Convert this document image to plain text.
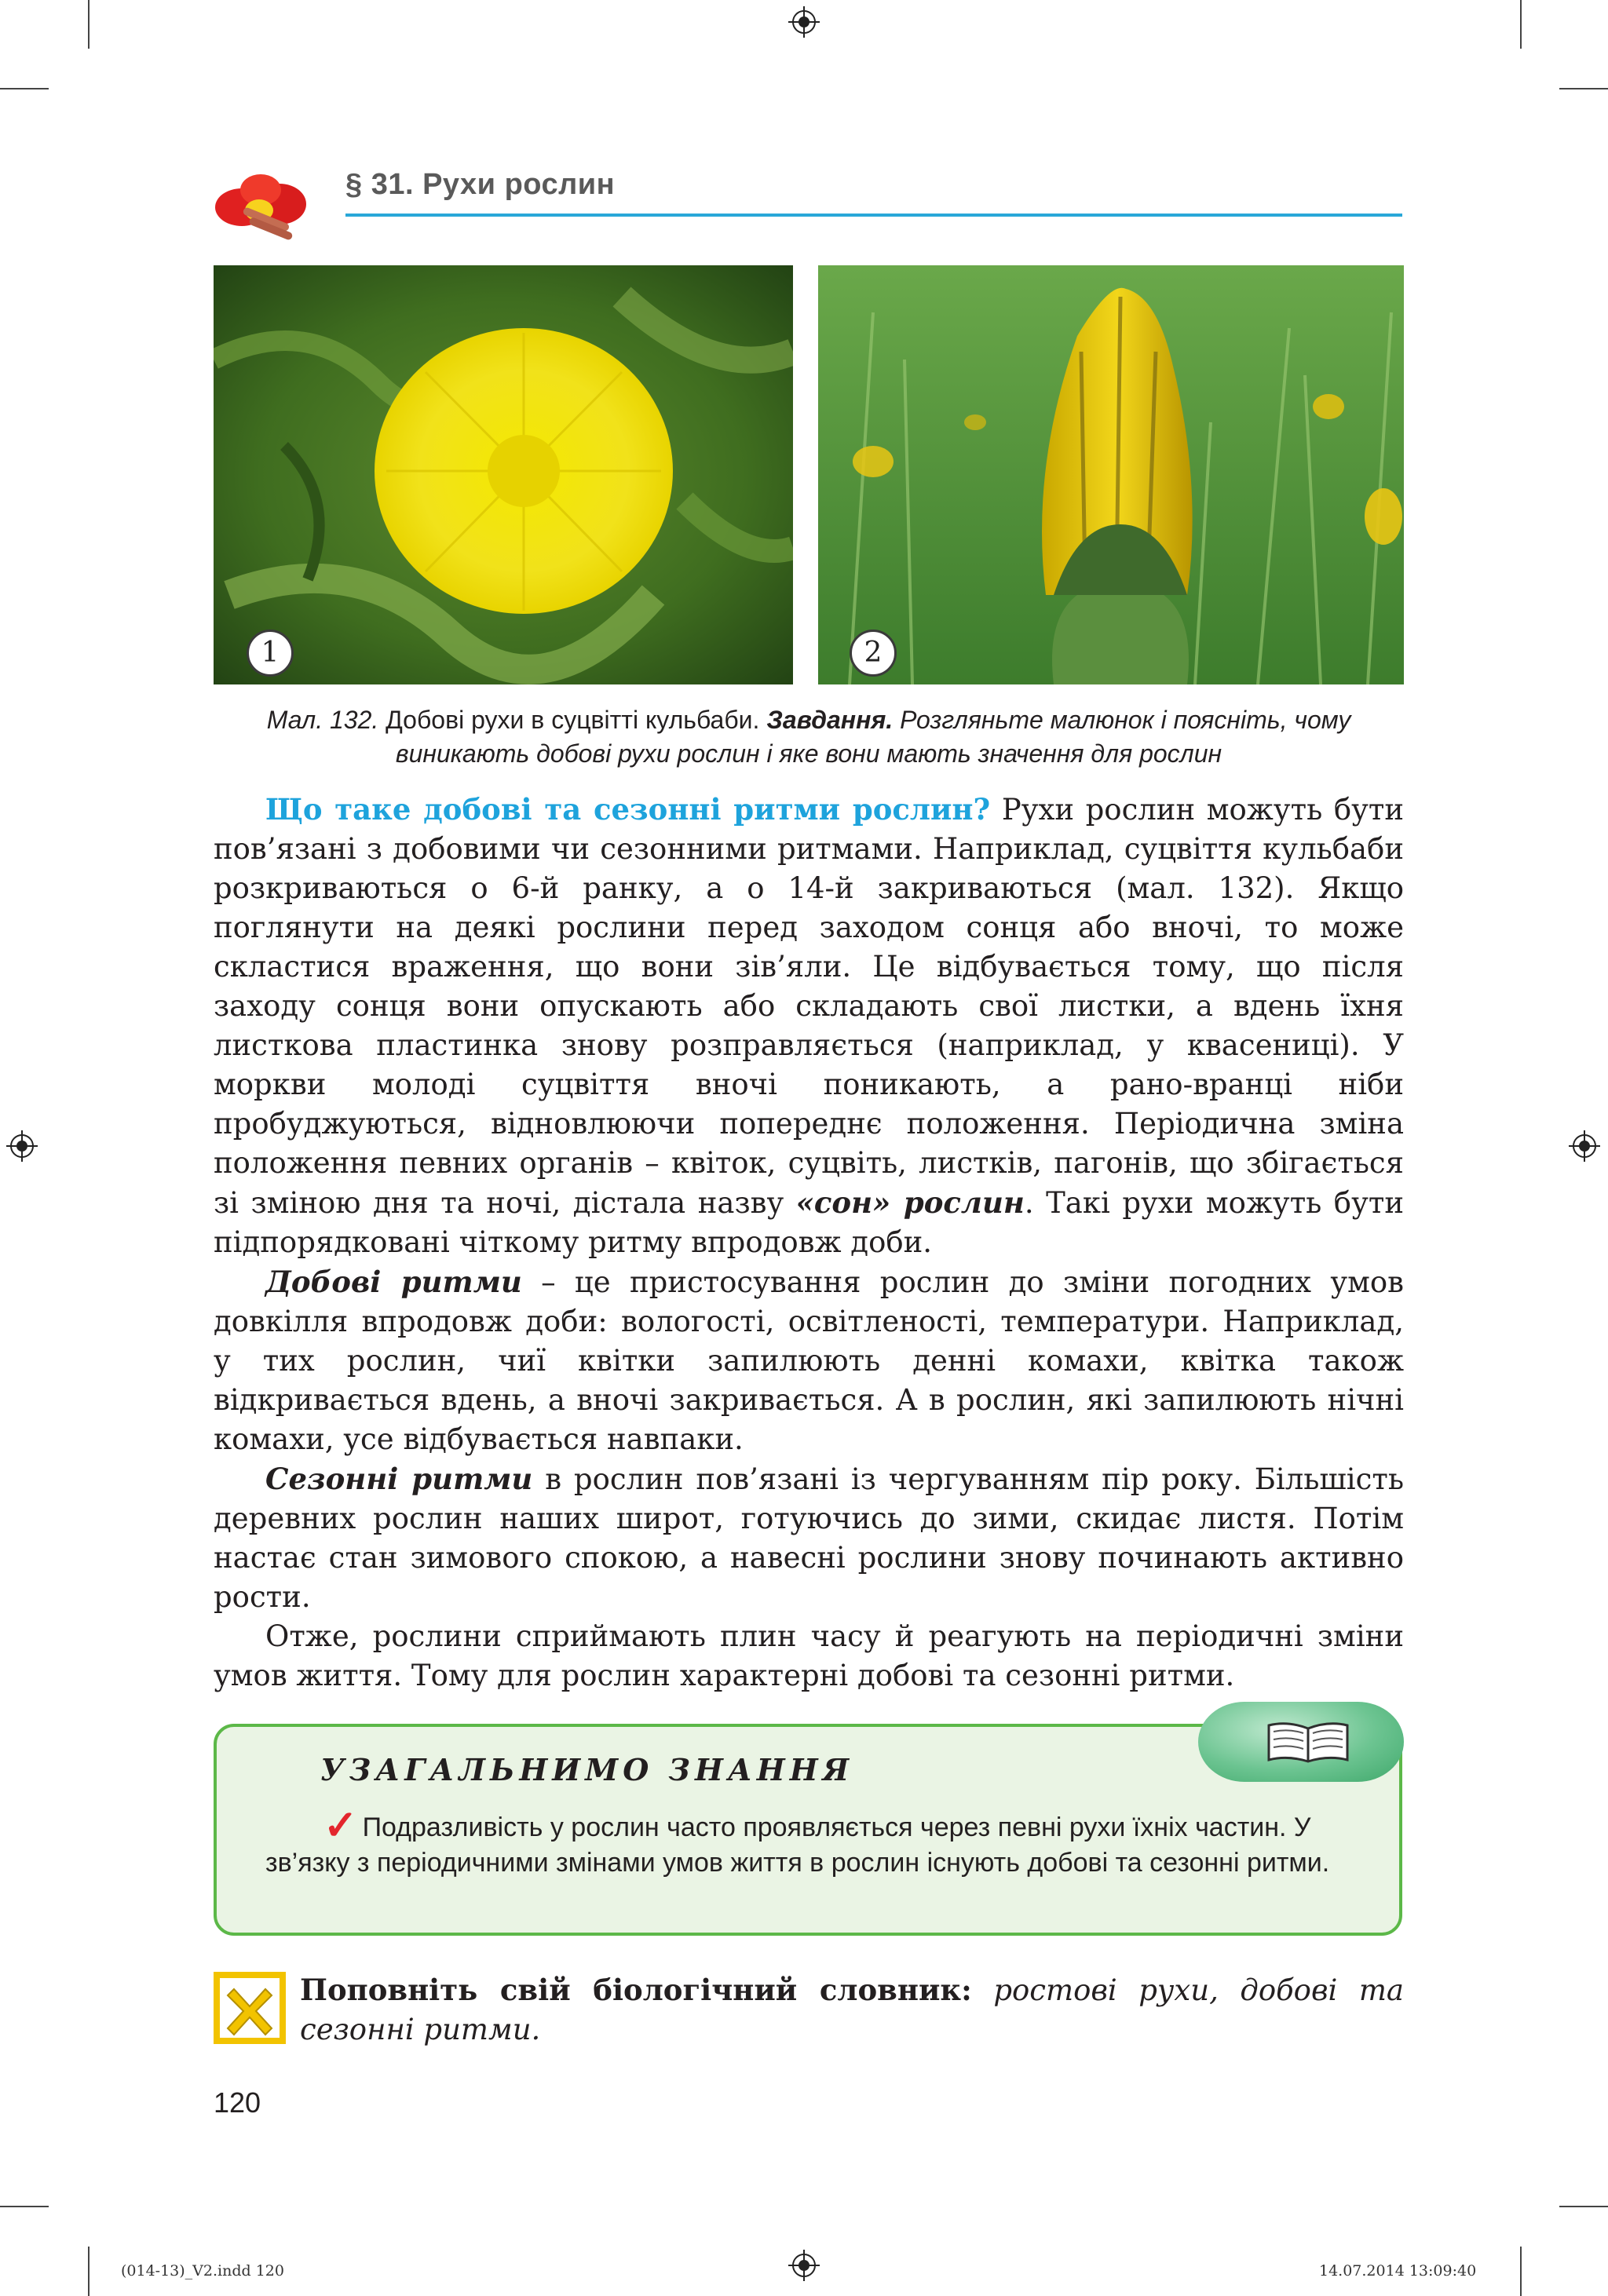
§ 31. Рухи рослин
1	2
Мал. 132. Добові рухи в суцвітті кульбаби. Завдання. Розгляньте малюнок і поясніть, чому виникають добові рухи рослин і яке вони мають значення для рослин

Що таке добові та сезонні ритми рослин? Рухи рослин можуть бути пов’язані з добовими чи сезонними ритмами. Наприклад, суцвіття кульбаби розкриваються о 6-й ранку, а о 14-й закриваються (мал. 132). Якщо поглянути на деякі рослини перед заходом сонця або вночі, то може скластися враження, що вони зів’яли. Це відбувається тому, що після заходу сонця вони опускають або складають свої листки, а вдень їхня листкова пластинка знову розправляється (наприклад, у квасениці). У моркви молоді суцвіття вночі поникають, а рано-вранці ніби пробуджуються, відновлюючи попереднє положення. Періодична зміна положення певних органів – квіток, суцвіть, листків, пагонів, що збігається зі зміною дня та ночі, дістала назву «сон» рослин. Такі рухи можуть бути підпорядковані чіткому ритму впродовж доби.

Добові ритми – це пристосування рослин до зміни погодних умов довкілля впродовж доби: вологості, освітленості, температури. Наприклад, у тих рослин, чиї квітки запилюють денні комахи, квітка також відкривається вдень, а вночі закривається. А в рослин, які запилюють нічні комахи, усе відбувається навпаки.

Сезонні ритми в рослин пов’язані із чергуванням пір року. Більшість деревних рослин наших широт, готуючись до зими, скидає листя. Потім настає стан зимового спокою, а навесні рослини знову починають активно рости.

Отже, рослини сприймають плин часу й реагують на періодичні зміни умов життя. Тому для рослин характерні добові та сезонні ритми.

УЗАГАЛЬНИМО ЗНАННЯ
✓ Подразливість у рослин часто проявляється через певні рухи їхніх частин. У зв’язку з періодичними змінами умов життя в рослин існують добові та сезонні ритми.
Поповніть свій біологічний словник: ростові рухи, добові та сезонні ритми.
120
(014-13)_V2.indd 120	14.07.2014 13:09:40
